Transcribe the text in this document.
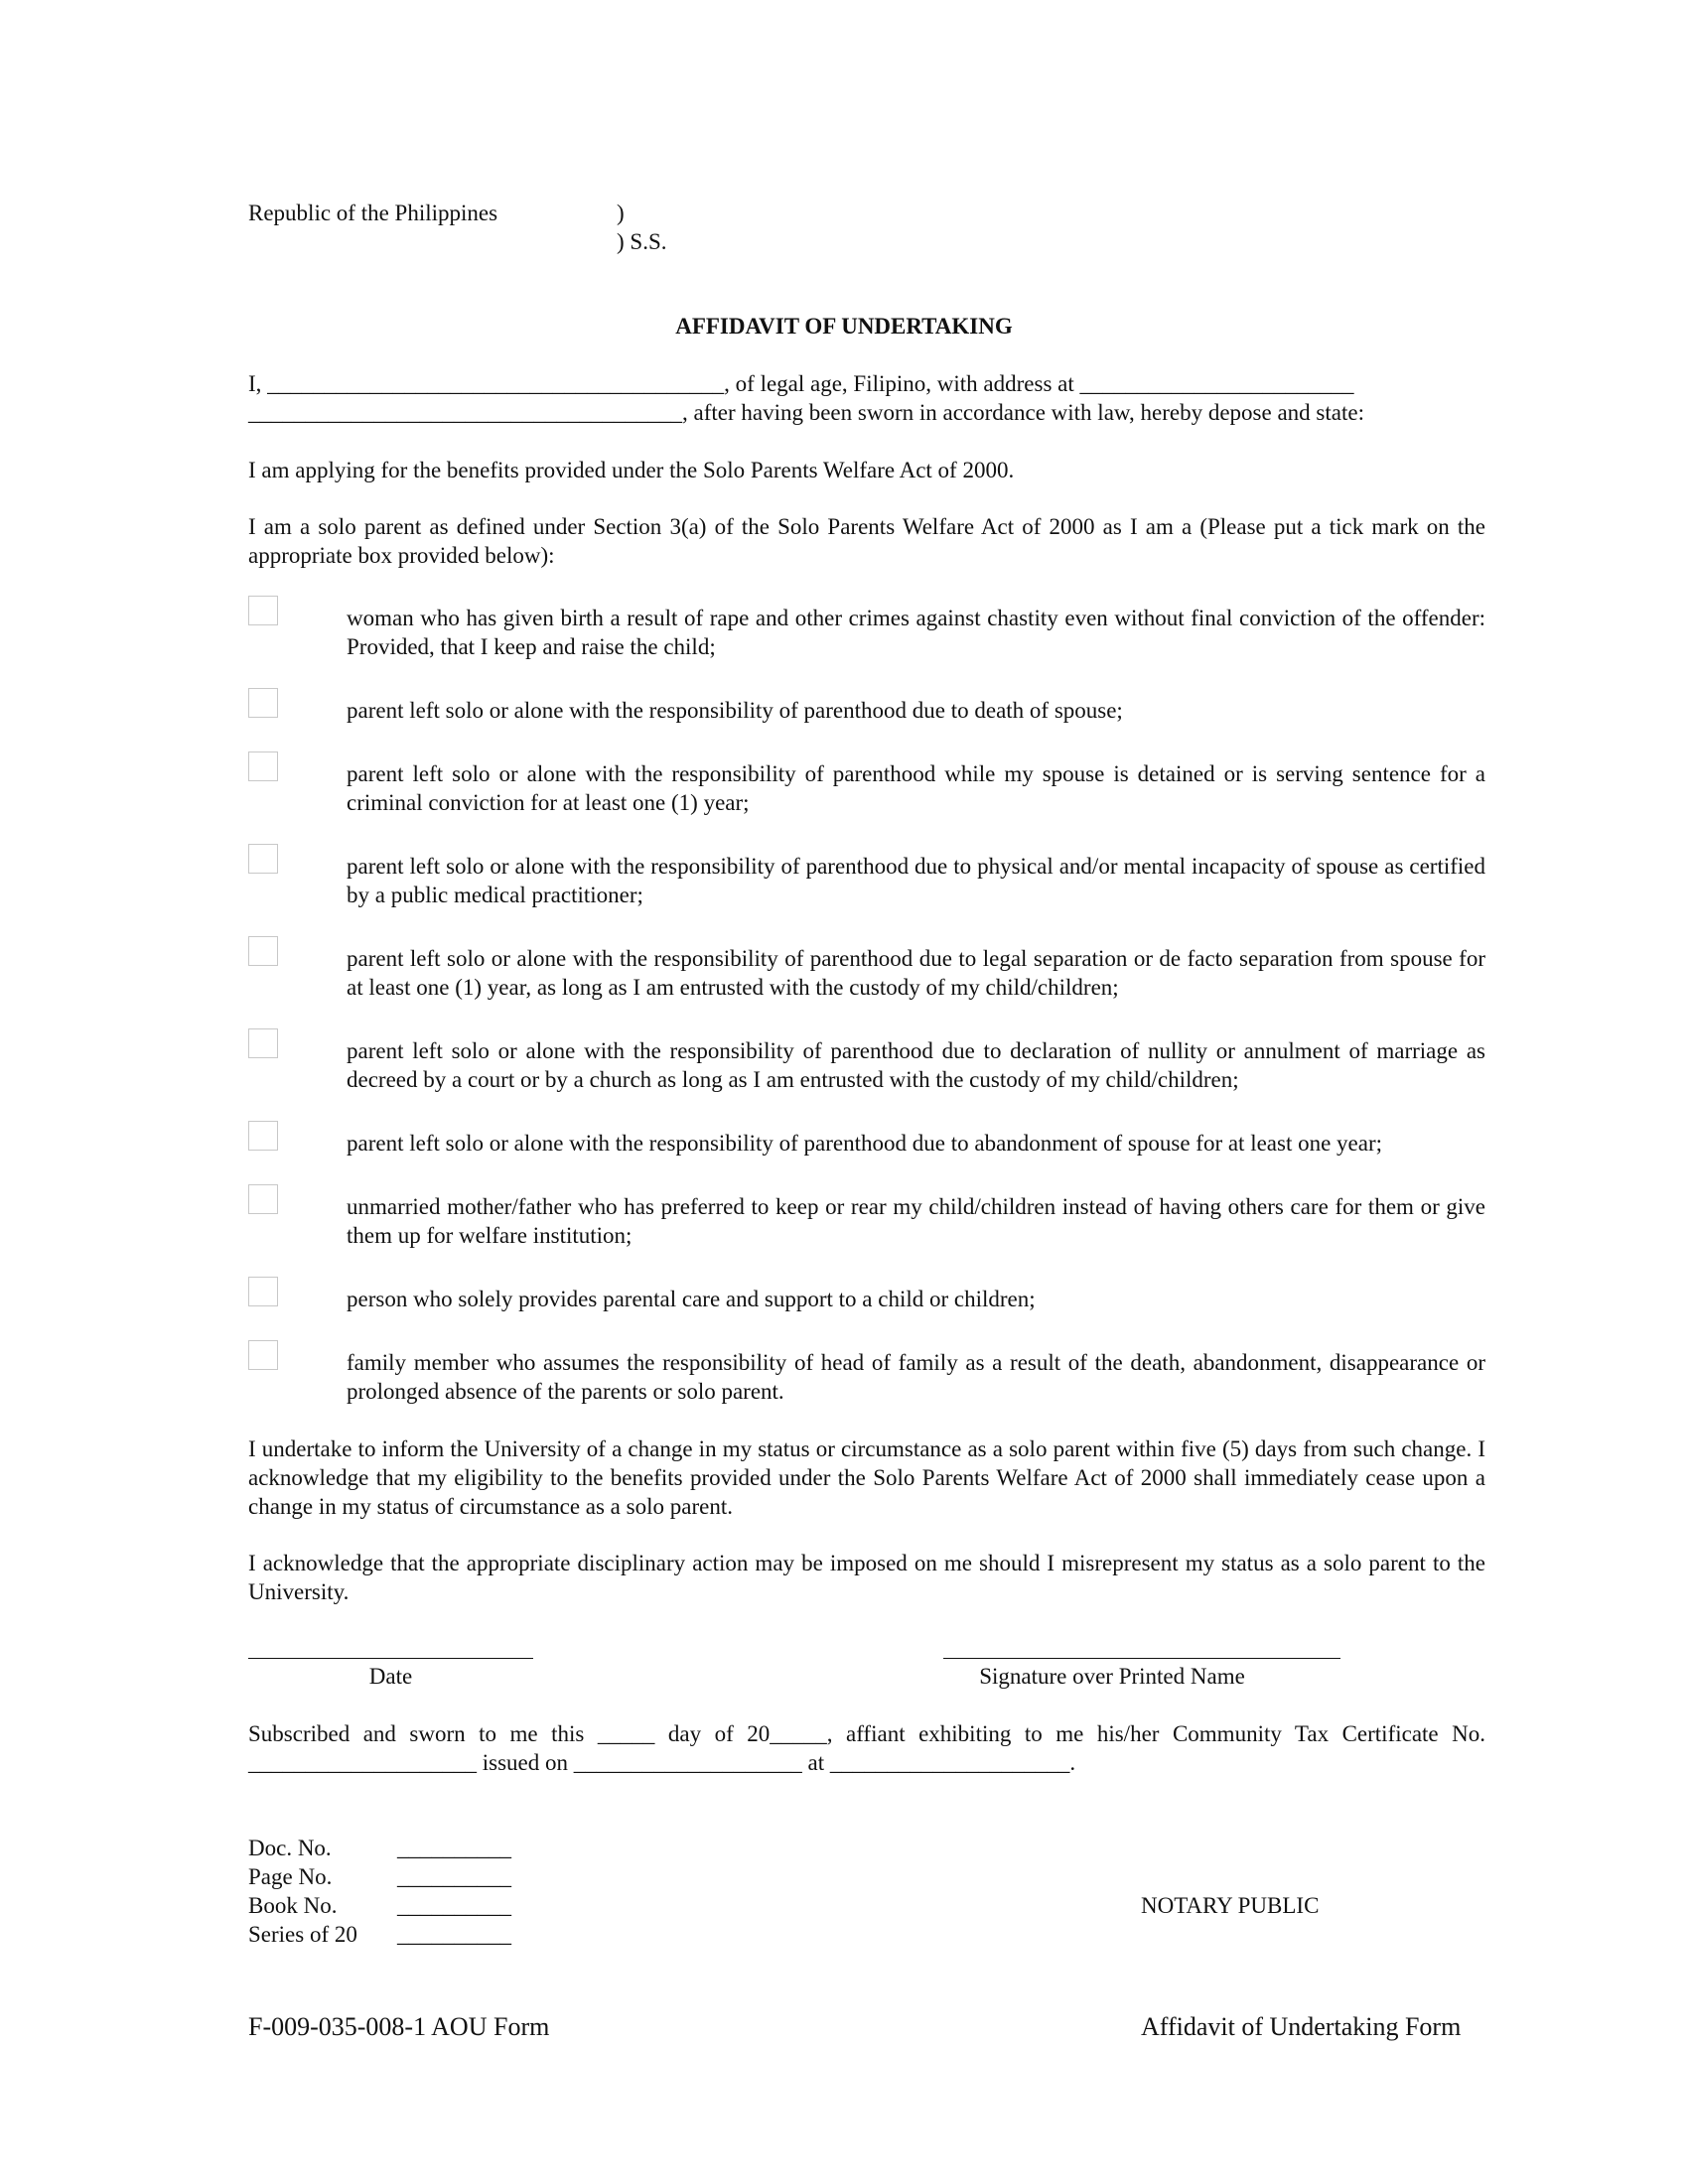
Republic of the Philippines	)
) S.S.
AFFIDAVIT OF UNDERTAKING
I, ________________________________________, of legal age, Filipino, with address at ________________________
______________________________________, after having been sworn in accordance with law, hereby depose and state:
I am applying for the benefits provided under the Solo Parents Welfare Act of 2000.
I am a solo parent as defined under Section 3(a) of the Solo Parents Welfare Act of 2000 as I am a (Please put a tick mark on the appropriate box provided below):
woman who has given birth a result of rape and other crimes against chastity even without final conviction of the offender: Provided, that I keep and raise the child;
parent left solo or alone with the responsibility of parenthood due to death of spouse;
parent left solo or alone with the responsibility of parenthood while my spouse is detained or is serving sentence for a criminal conviction for at least one (1) year;
parent left solo or alone with the responsibility of parenthood due to physical and/or mental incapacity of spouse as certified by a public medical practitioner;
parent left solo or alone with the responsibility of parenthood due to legal separation or de facto separation from spouse for at least one (1) year, as long as I am entrusted with the custody of my child/children;
parent left solo or alone with the responsibility of parenthood due to declaration of nullity or annulment of marriage as decreed by a court or by a church as long as I am entrusted with the custody of my child/children;
parent left solo or alone with the responsibility of parenthood due to abandonment of spouse for at least one year;
unmarried mother/father who has preferred to keep or rear my child/children instead of having others care for them or give them up for welfare institution;
person who solely provides parental care and support to a child or children;
family member who assumes the responsibility of head of family as a result of the death, abandonment, disappearance or prolonged absence of the parents or solo parent.
I undertake to inform the University of a change in my status or circumstance as a solo parent within five (5) days from such change. I acknowledge that my eligibility to the benefits provided under the Solo Parents Welfare Act of 2000 shall immediately cease upon a change in my status of circumstance as a solo parent.
I acknowledge that the appropriate disciplinary action may be imposed on me should I misrepresent my status as a solo parent to the University.
Date	Signature over Printed Name
Subscribed and sworn to me this _____ day of 20_____, affiant exhibiting to me his/her Community Tax Certificate No.
____________________ issued on ____________________ at _____________________.
Doc. No.	__________
Page No.	__________
Book No.	__________
Series of 20 __________
NOTARY PUBLIC
F-009-035-008-1 AOU Form	Affidavit of Undertaking Form
